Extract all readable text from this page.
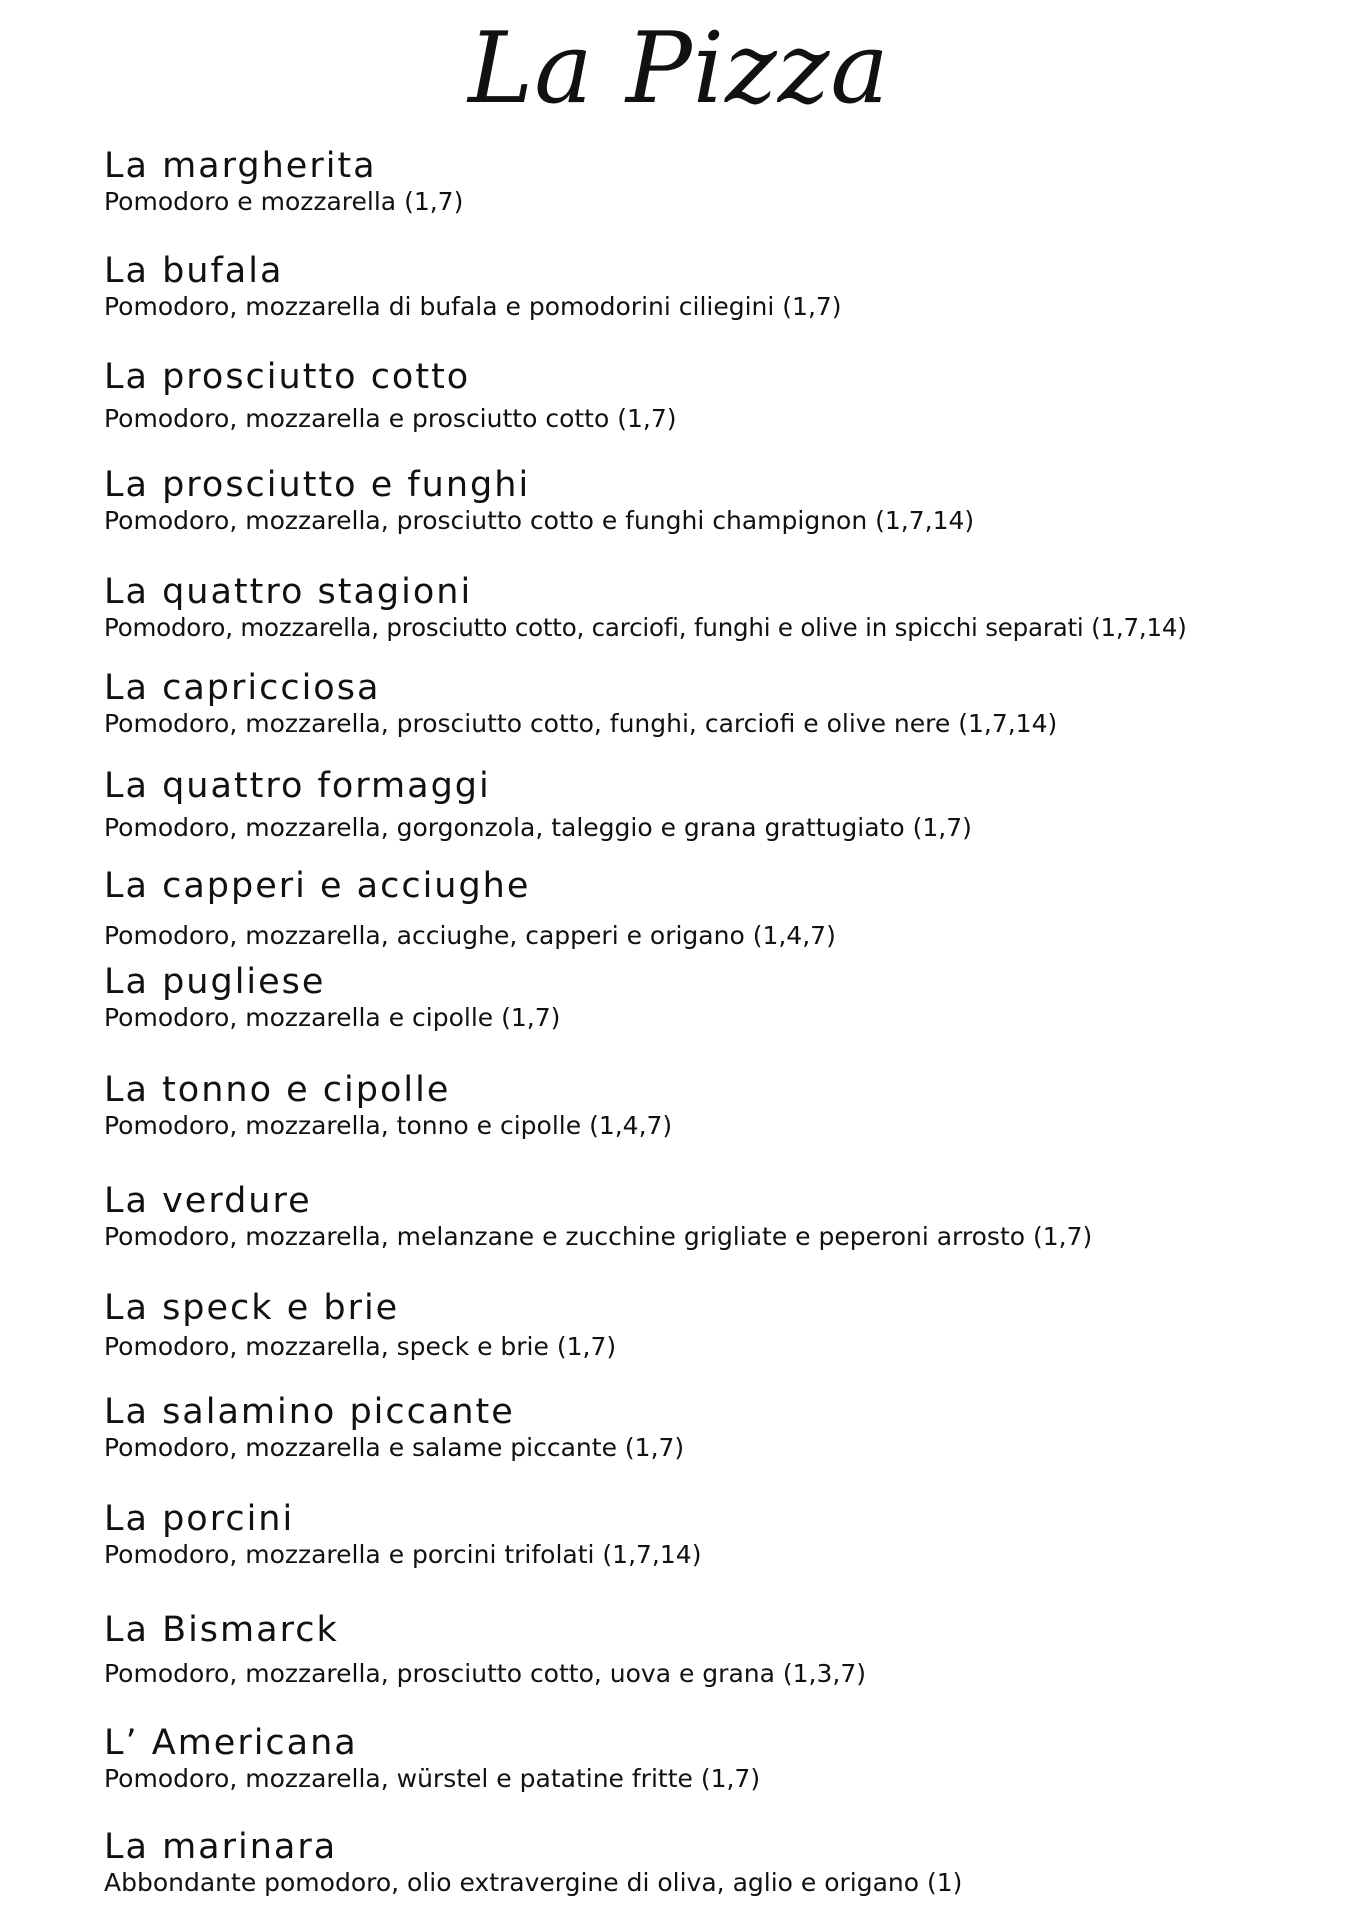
La Pizza
La margherita
Pomodoro e mozzarella (1,7)
La bufala
Pomodoro, mozzarella di bufala e pomodorini ciliegini (1,7)
La prosciutto cotto
Pomodoro, mozzarella e prosciutto cotto (1,7)
La prosciutto e funghi
Pomodoro, mozzarella, prosciutto cotto e funghi champignon (1,7,14)
La quattro stagioni
Pomodoro, mozzarella, prosciutto cotto, carciofi, funghi e olive in spicchi separati (1,7,14)
La capricciosa
Pomodoro, mozzarella, prosciutto cotto, funghi, carciofi e olive nere (1,7,14)
La quattro formaggi
Pomodoro, mozzarella, gorgonzola, taleggio e grana grattugiato (1,7)
La capperi e acciughe
Pomodoro, mozzarella, acciughe, capperi e origano (1,4,7)
La pugliese
Pomodoro, mozzarella e cipolle (1,7)
La tonno e cipolle
Pomodoro, mozzarella, tonno e cipolle (1,4,7)
La verdure
Pomodoro, mozzarella, melanzane e zucchine grigliate e peperoni arrosto (1,7)
La speck e brie
Pomodoro, mozzarella, speck e brie (1,7)
La salamino piccante
Pomodoro, mozzarella e salame piccante (1,7)
La porcini
Pomodoro, mozzarella e porcini trifolati (1,7,14)
La Bismarck
Pomodoro, mozzarella, prosciutto cotto, uova e grana (1,3,7)
L’ Americana
Pomodoro, mozzarella, würstel e patatine fritte (1,7)
La marinara
Abbondante pomodoro, olio extravergine di oliva, aglio e origano (1)
